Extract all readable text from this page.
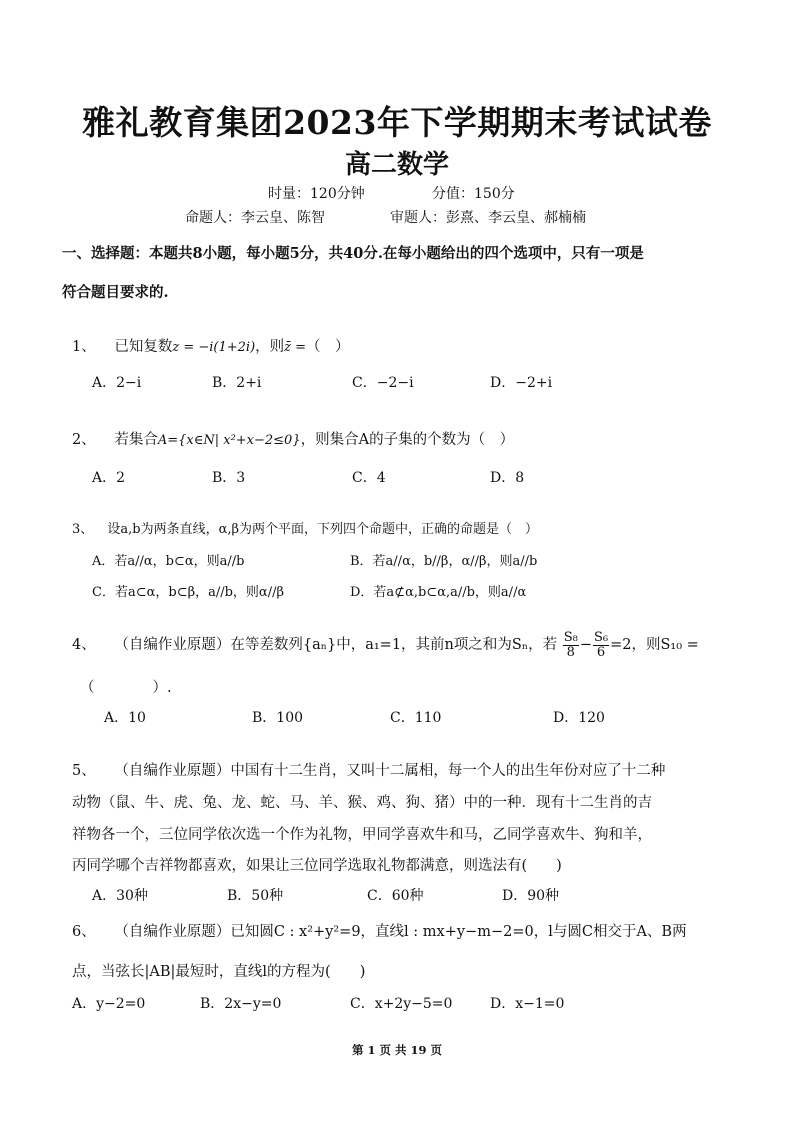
雅礼教育集团2023年下学期期末考试试卷
高二数学
时量：120分钟	分值：150分
命题人：李云皇、陈智	审题人：彭熹、李云皇、郝楠楠
一、选择题：本题共8小题，每小题5分，共40分.在每小题给出的四个选项中，只有一项是
符合题目要求的.
1、 已知复数z = −i(1+2i)，则z̄ =（　）
A．2−i	B．2+i	C．−2−i	D．−2+i
2、 若集合A={x∈N| x²+x−2≤0}，则集合A的子集的个数为（　）
A．2	B．3	C．4	D．8
3、 设a,b为两条直线，α,β为两个平面，下列四个命题中，正确的命题是（　）
A．若a//α，b⊂α，则a//b	B．若a//α，b//β，α//β，则a//b
C．若a⊂α，b⊂β，a//b，则α//β	D．若a⊄α,b⊂α,a//b，则a//α
4、 （自编作业原题）在等差数列{aₙ}中，a₁=1，其前n项之和为Sₙ，若 $\frac{\text{S₈}}{8} - \frac{\text{S₆}}{6} =2$，则S₁₀ =
（　　　　）.
A．10	B．100	C．110	D．120
5、 （自编作业原题）中国有十二生肖，又叫十二属相，每一个人的出生年份对应了十二种
动物（鼠、牛、虎、兔、龙、蛇、马、羊、猴、鸡、狗、猪）中的一种．现有十二生肖的吉
祥物各一个，三位同学依次选一个作为礼物，甲同学喜欢牛和马，乙同学喜欢牛、狗和羊，
丙同学哪个吉祥物都喜欢，如果让三位同学选取礼物都满意，则选法有(　　)
A．30种	B．50种	C．60种	D．90种
6、 （自编作业原题）已知圆C : x²+y²=9，直线l : mx+y−m−2=0，l与圆C相交于A、B两
点，当弦长|AB|最短时，直线l的方程为(　　)
A．y−2=0	B．2x−y=0	C．x+2y−5=0	D．x−1=0
第 1 页 共 19 页
